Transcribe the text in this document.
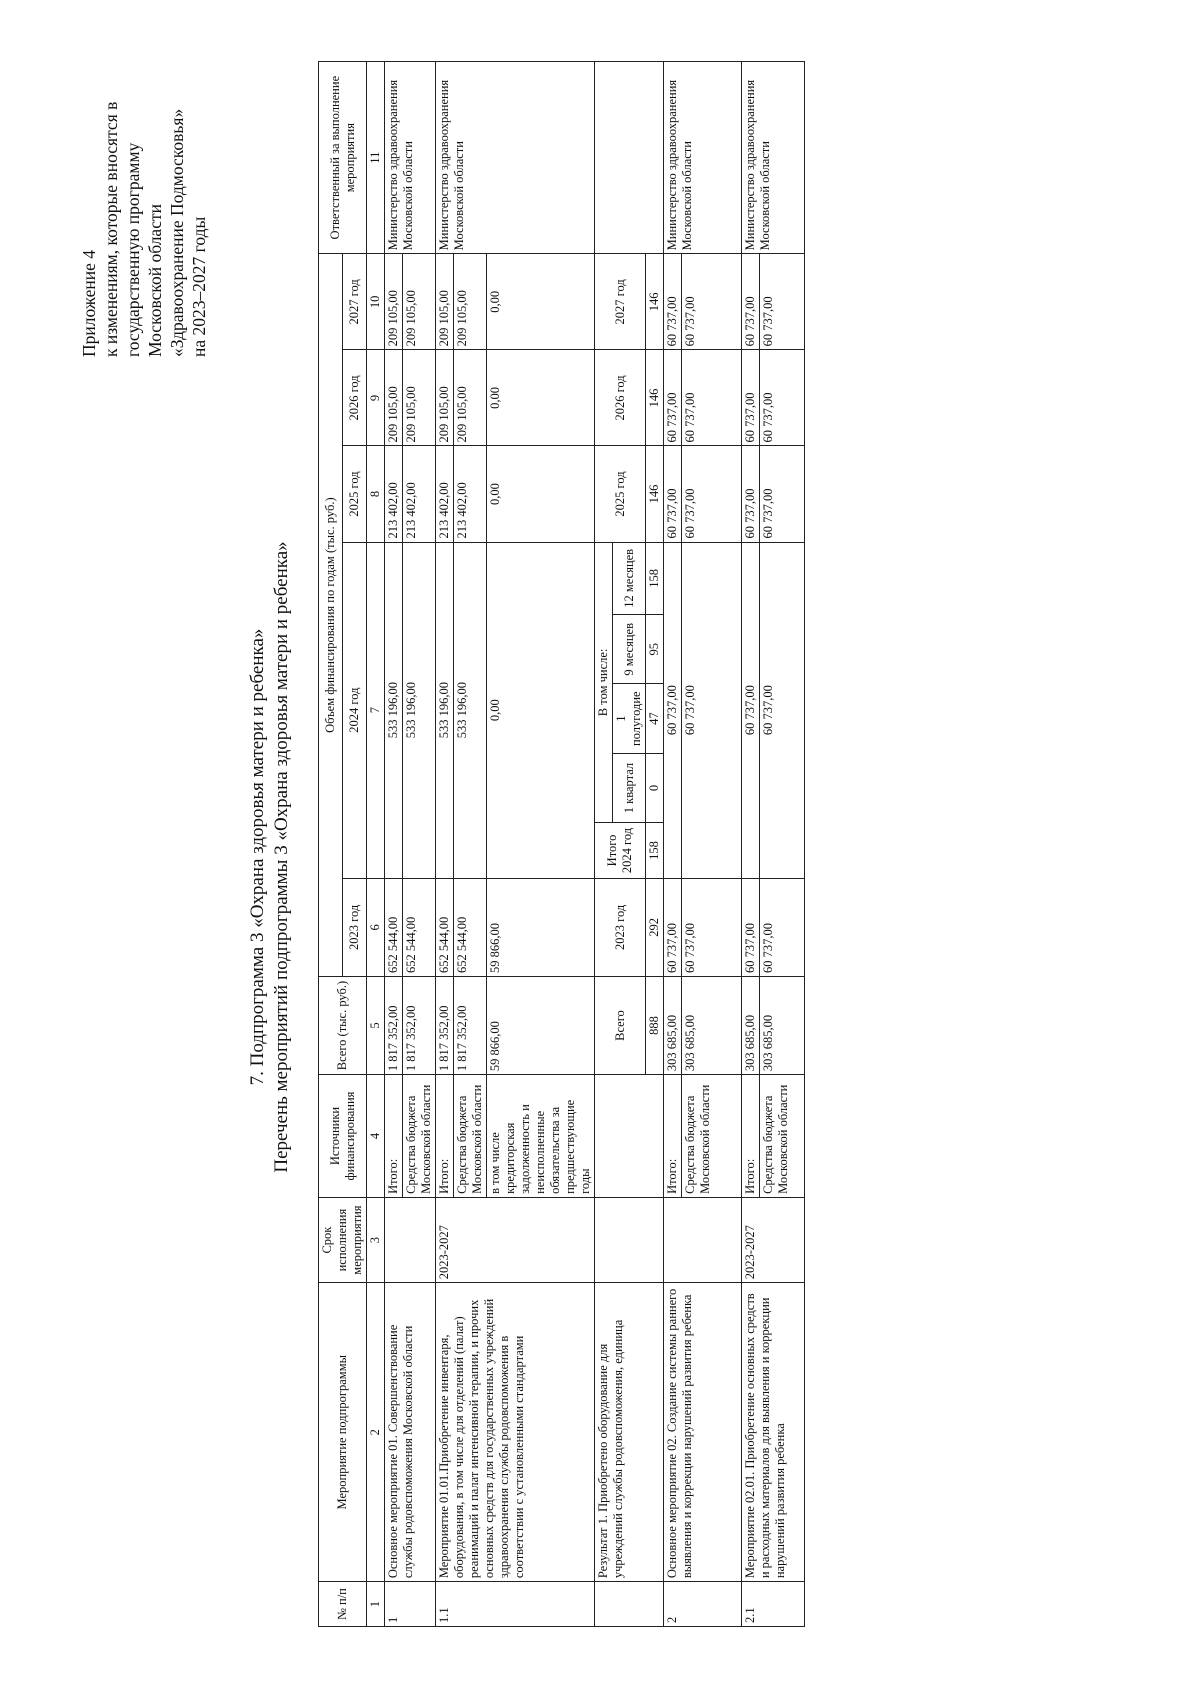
Приложение 4 к изменениям, которые вносятся в государственную программу Московской области «Здравоохранение Подмосковья» на 2023–2027 годы
7. Подпрограмма 3 «Охрана здоровья матери и ребенка» Перечень мероприятий подпрограммы 3 «Охрана здоровья матери и ребенка»
№ п/п	Мероприятие подпрограммы	Срок исполнения мероприятия	Источники финансирования	Всего (тыс. руб.)	Объем финансирования по годам (тыс. руб.)									Ответственный за выполнение мероприятия
					2023 год	2024 год					2025 год	2026 год	2027 год	
1	2	3	4	5	6	7					8	9	10	11
1	Основное мероприятие 01. Совершенствование службы родовспоможения Московской области		Итого:	1 817 352,00	652 544,00	533 196,00					213 402,00	209 105,00	209 105,00	Министерство здравоохранения Московской области
			Средства бюджета Московской области	1 817 352,00	652 544,00	533 196,00					213 402,00	209 105,00	209 105,00	
1.1	Мероприятие 01.01.Приобретение инвентаря, оборудования, в том числе для отделений (палат) реанимаций и палат интенсивной терапии, и прочих основных средств для государственных учреждений здравоохранения службы родовспоможения в соответствии с установленными стандартами	2023-2027	Итого:	1 817 352,00	652 544,00	533 196,00					213 402,00	209 105,00	209 105,00	Министерство здравоохранения Московской области
			Средства бюджета Московской области	1 817 352,00	652 544,00	533 196,00					213 402,00	209 105,00	209 105,00	
			в том числе кредиторская задолженность и неисполненные обязательства за предшествующие годы	59 866,00	59 866,00	0,00					0,00	0,00	0,00	
	Результат 1. Приобретено оборудование для учреждений службы родовспоможения, единица			Всего	2023 год	Итого 2024 год	В том числе:				2025 год	2026 год	2027 год	
							1 квартал	1 полугодие	9 месяцев	12 месяцев				
				888	292	158	0	47	95	158	146	146	146	
2	Основное мероприятие 02. Создание системы раннего выявления и коррекции нарушений развития ребенка		Итого:	303 685,00	60 737,00	60 737,00					60 737,00	60 737,00	60 737,00	Министерство здравоохранения Московской области
			Средства бюджета Московской области	303 685,00	60 737,00	60 737,00					60 737,00	60 737,00	60 737,00	
2.1	Мероприятие 02.01. Приобретение основных средств и расходных материалов для выявления и коррекции нарушений развития ребенка	2023-2027	Итого:	303 685,00	60 737,00	60 737,00					60 737,00	60 737,00	60 737,00	Министерство здравоохранения Московской области
			Средства бюджета Московской области	303 685,00	60 737,00	60 737,00					60 737,00	60 737,00	60 737,00	
